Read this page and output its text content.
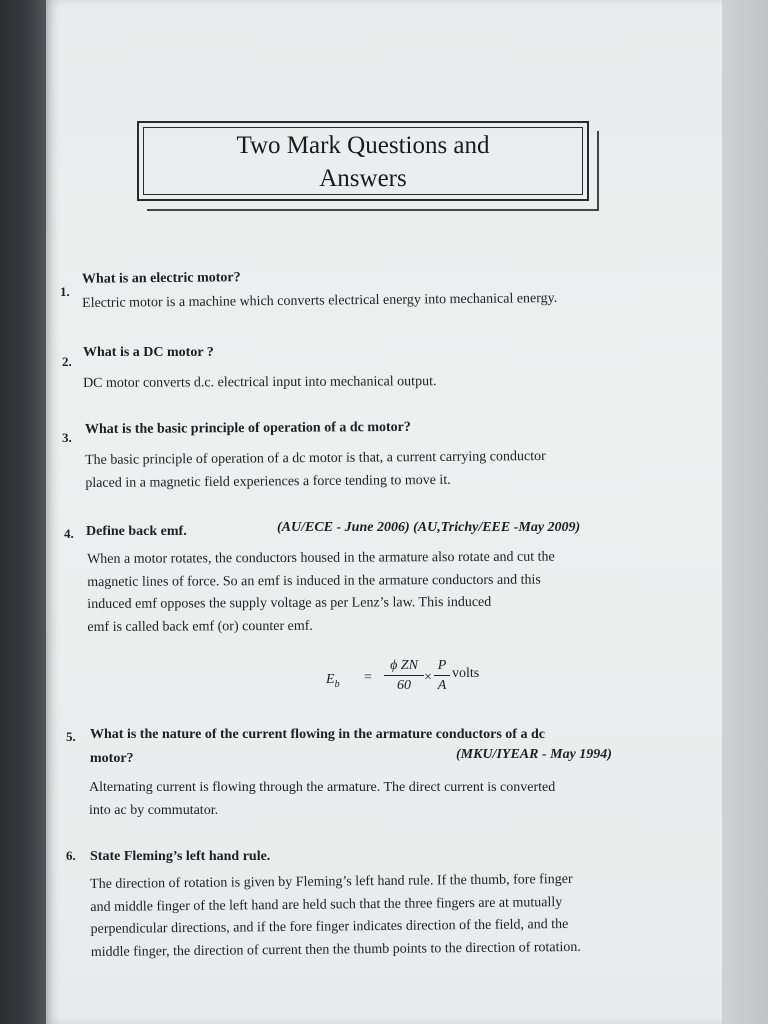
Two Mark Questions and
Answers
1.
What is an electric motor?
Electric motor is a machine which converts electrical energy into mechanical energy.
2.
What is a DC motor ?
DC motor converts d.c. electrical input into mechanical output.
3.
What is the basic principle of operation of a dc motor?
The basic principle of operation of a dc motor is that, a current carrying conductor
placed in a magnetic field experiences a force tending to move it.
4. Define back emf.	(AU/ECE - June 2006) (AU,Trichy/EEE -May 2009)
When a motor rotates, the conductors housed in the armature also rotate and cut the
magnetic lines of force. So an emf is induced in the armature conductors and this
induced emf opposes the supply voltage as per Lenz’s law. This induced
emf is called back emf (or) counter emf.
$E_b = \frac{\text{ϕ ZN}}{60} \times \frac{P}{A}$ volts
5. What is the nature of the current flowing in the armature conductors of a dc
motor?	(MKU/IYEAR - May 1994)
Alternating current is flowing through the armature. The direct current is converted
into ac by commutator.
6. State Fleming’s left hand rule.
The direction of rotation is given by Fleming’s left hand rule. If the thumb, fore finger
and middle finger of the left hand are held such that the three fingers are at mutually
perpendicular directions, and if the fore finger indicates direction of the field, and the
middle finger, the direction of current then the thumb points to the direction of rotation.
